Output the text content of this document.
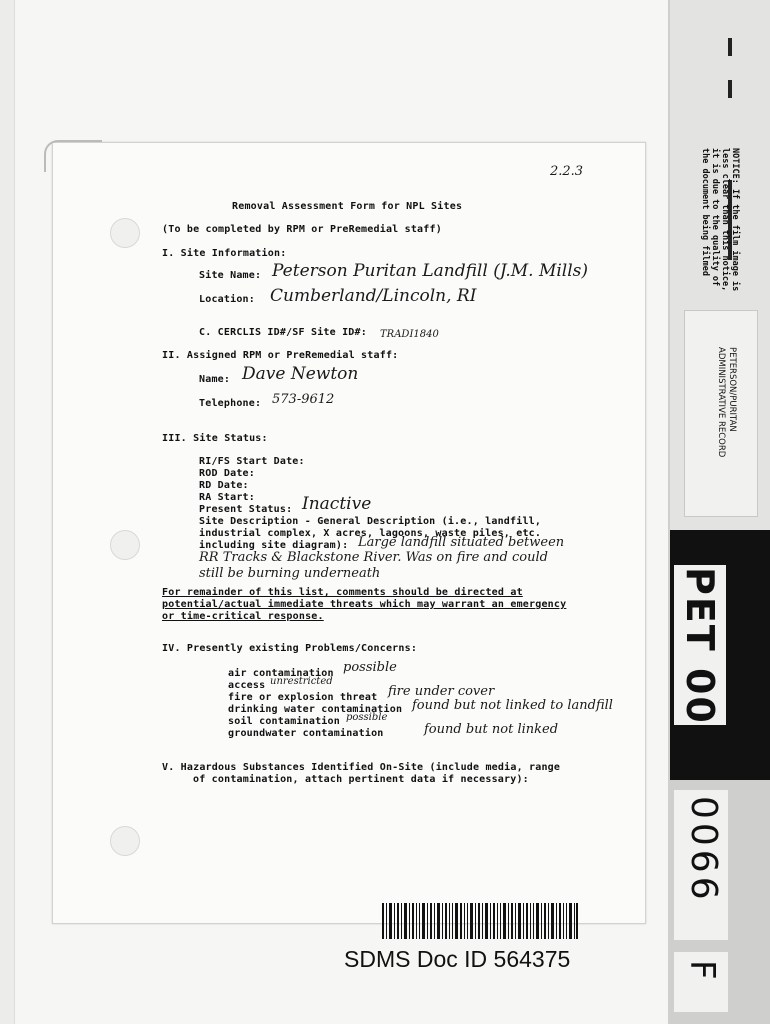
2.2.3
Removal Assessment Form for NPL Sites
(To be completed by RPM or PreRemedial staff)
I. Site Information:
Site Name: Peterson Puritan Landfill (J.M. Mills)
Location: Cumberland/Lincoln, RI
C. CERCLIS ID#/SF Site ID#: TRADI1840
II. Assigned RPM or PreRemedial staff:
Name: Dave Newton
Telephone: 573-9612
III. Site Status:
RI/FS Start Date:
ROD Date:
RD Date:
RA Start:
Present Status: Inactive
Site Description - General Description (i.e., landfill,
industrial complex, X acres, lagoons, waste piles, etc.
including site diagram): Large landfill situated between
RR Tracks & Blackstone River. Was on fire and could
still be burning underneath
For remainder of this list, comments should be directed at
potential/actual immediate threats which may warrant an emergency
or time-critical response.
IV. Presently existing Problems/Concerns:
air contamination possible
access unrestricted
fire or explosion threat fire under cover
drinking water contamination found but not linked to landfill
soil contamination possible
groundwater contamination	found but not linked
V. Hazardous Substances Identified On-Site (include media, range
of contamination, attach pertinent data if necessary):
SDMS Doc ID 564375
NOTICE: If the film image is less clear than this notice, it is due to the quality of the document being filmed
PETERSON/PURITAN
ADMINISTRATIVE RECORD
PET 001
0066
F
